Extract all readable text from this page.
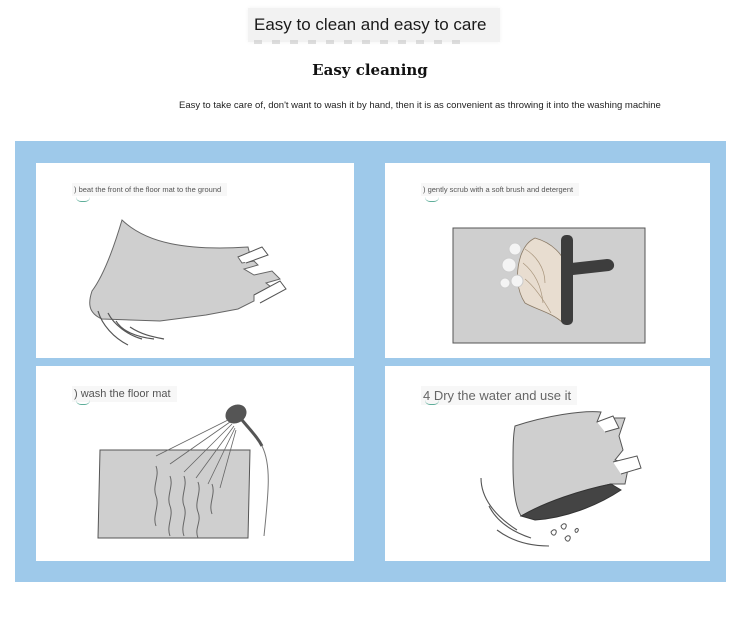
Easy to clean and easy to care
Easy cleaning
Easy to take care of, don't want to wash it by hand, then it is as convenient as throwing it into the washing machine
) beat the front of the floor mat to the ground	) gently scrub with a soft brush and detergent
) wash the floor mat	4 Dry the water and use it
